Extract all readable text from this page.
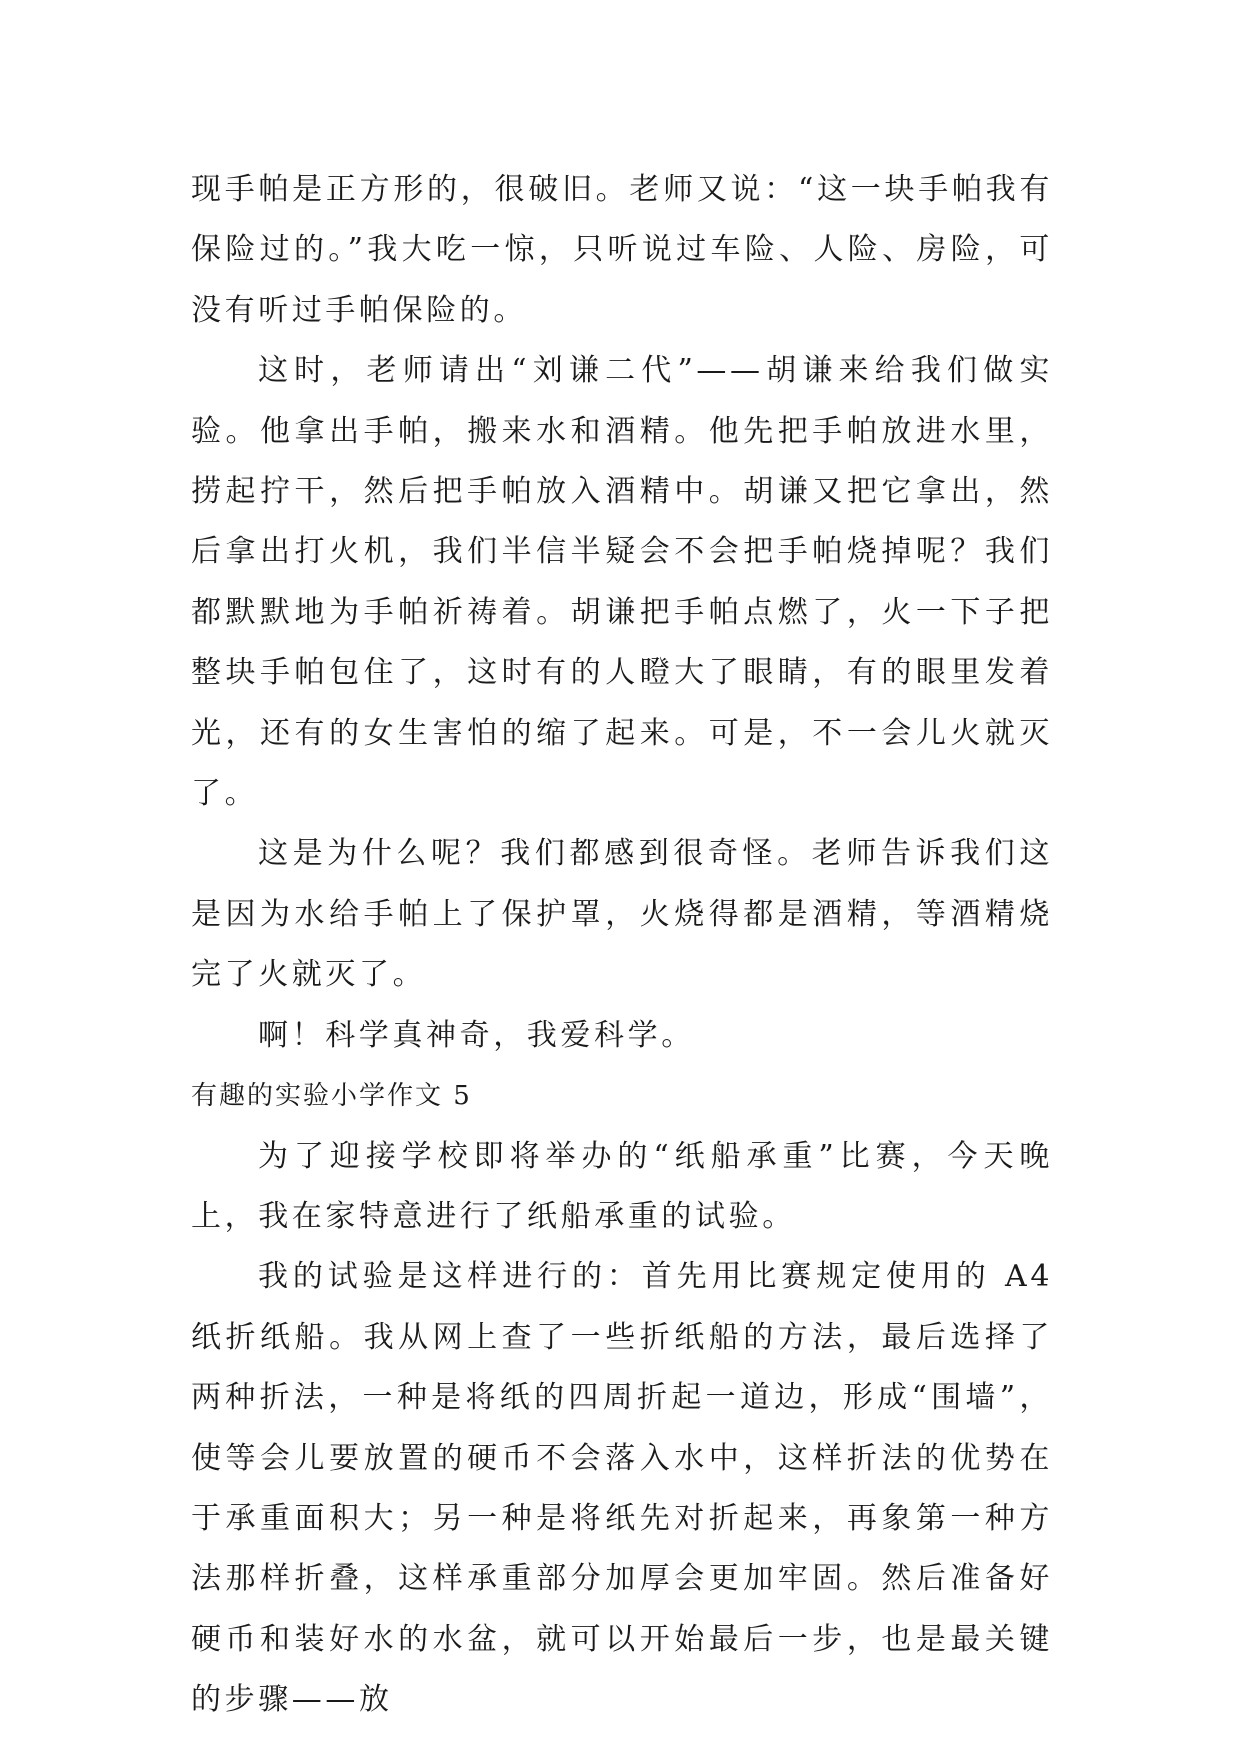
现手帕是正方形的，很破旧。老师又说：“这一块手帕我有保险过的。”我大吃一惊，只听说过车险、人险、房险，可没有听过手帕保险的。

这时，老师请出“刘谦二代”——胡谦来给我们做实验。他拿出手帕，搬来水和酒精。他先把手帕放进水里，捞起拧干，然后把手帕放入酒精中。胡谦又把它拿出，然后拿出打火机，我们半信半疑会不会把手帕烧掉呢？我们都默默地为手帕祈祷着。胡谦把手帕点燃了，火一下子把整块手帕包住了，这时有的人瞪大了眼睛，有的眼里发着光，还有的女生害怕的缩了起来。可是，不一会儿火就灭了。

这是为什么呢？我们都感到很奇怪。老师告诉我们这是因为水给手帕上了保护罩，火烧得都是酒精，等酒精烧完了火就灭了。

啊！科学真神奇，我爱科学。

有趣的实验小学作文 5

为了迎接学校即将举办的“纸船承重”比赛，今天晚上，我在家特意进行了纸船承重的试验。

我的试验是这样进行的：首先用比赛规定使用的 A4 纸折纸船。我从网上查了一些折纸船的方法，最后选择了两种折法，一种是将纸的四周折起一道边，形成“围墙”，使等会儿要放置的硬币不会落入水中，这样折法的优势在于承重面积大；另一种是将纸先对折起来，再象第一种方法那样折叠，这样承重部分加厚会更加牢固。然后准备好硬币和装好水的水盆，就可以开始最后一步，也是最关键的步骤——放
